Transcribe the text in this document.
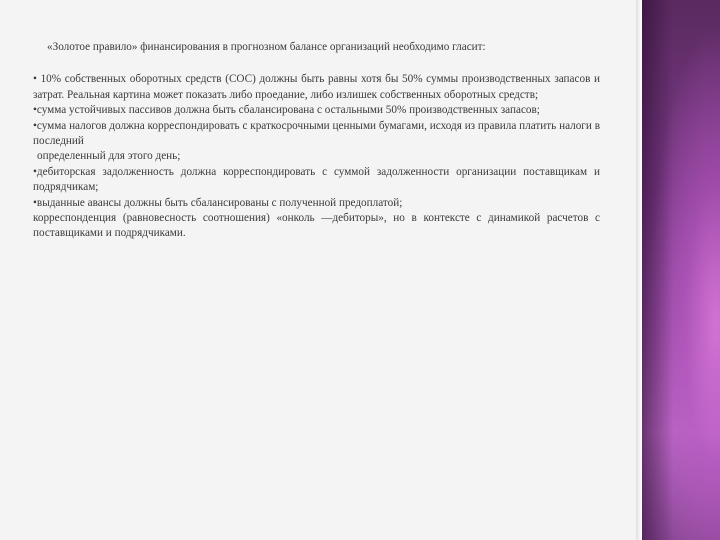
«Золотое правило» финансирования в прогнозном балансе организаций необходимо гласит:

• 10% собственных оборотных средств (СОС) должны быть равны хотя бы 50% суммы производственных запасов и затрат. Реальная картина может показать либо проедание, либо излишек собственных оборотных средств;

•сумма устойчивых пассивов должна быть сбалансирована с остальными 50% производственных запасов;

•сумма налогов должна корреспондировать с краткосрочными ценными бумагами, исходя из правила платить налоги в последний

определенный для этого день;

•дебиторская задолженность должна корреспондировать с суммой задолженности организации поставщикам и подрядчикам;

•выданные авансы должны быть сбалансированы с полученной предоплатой;

корреспонденция (равновесность соотношения) «онколь —дебиторы», но в контексте с динамикой расчетов с поставщиками и подрядчиками.
